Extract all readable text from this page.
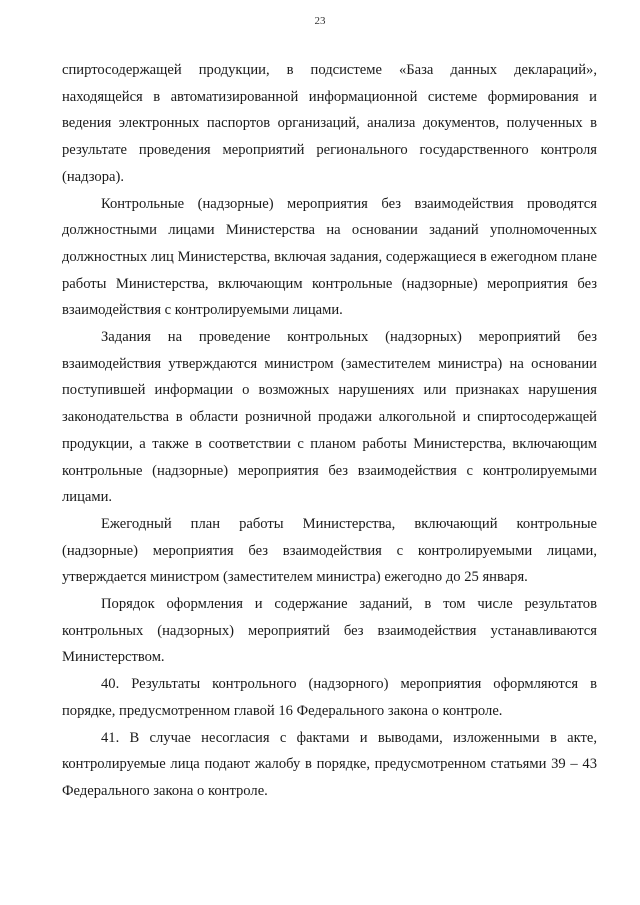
23

спиртосодержащей продукции, в подсистеме «База данных деклараций», находящейся в автоматизированной информационной системе формирования и ведения электронных паспортов организаций, анализа документов, полученных в результате проведения мероприятий регионального государственного контроля (надзора).

Контрольные (надзорные) мероприятия без взаимодействия проводятся должностными лицами Министерства на основании заданий уполномоченных должностных лиц Министерства, включая задания, содержащиеся в ежегодном плане работы Министерства, включающим контрольные (надзорные) мероприятия без взаимодействия с контролируемыми лицами.

Задания на проведение контрольных (надзорных) мероприятий без взаимодействия утверждаются министром (заместителем министра) на основании поступившей информации о возможных нарушениях или признаках нарушения законодательства в области розничной продажи алкогольной и спиртосодержащей продукции, а также в соответствии с планом работы Министерства, включающим контрольные (надзорные) мероприятия без взаимодействия с контролируемыми лицами.

Ежегодный план работы Министерства, включающий контрольные (надзорные) мероприятия без взаимодействия с контролируемыми лицами, утверждается министром (заместителем министра) ежегодно до 25 января.

Порядок оформления и содержание заданий, в том числе результатов контрольных (надзорных) мероприятий без взаимодействия устанавливаются Министерством.

40. Результаты контрольного (надзорного) мероприятия оформляются в порядке, предусмотренном главой 16 Федерального закона о контроле.

41. В случае несогласия с фактами и выводами, изложенными в акте, контролируемые лица подают жалобу в порядке, предусмотренном статьями 39 – 43 Федерального закона о контроле.
